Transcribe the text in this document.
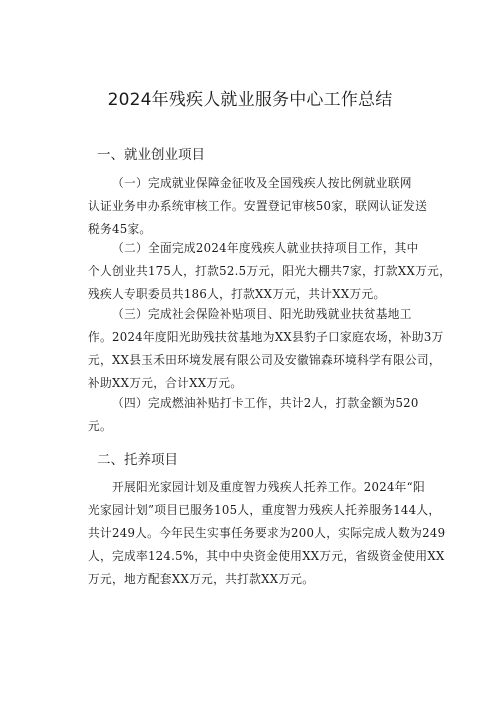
2024年残疾人就业服务中心工作总结
一、就业创业项目
（一）完成就业保障金征收及全国残疾人按比例就业联网
认证业务申办系统审核工作。安置登记审核50家，联网认证发送
税务45家。
（二）全面完成2024年度残疾人就业扶持项目工作，其中
个人创业共175人，打款52.5万元，阳光大棚共7家，打款XX万元，
残疾人专职委员共186人，打款XX万元，共计XX万元。
（三）完成社会保险补贴项目、阳光助残就业扶贫基地工
作。2024年度阳光助残扶贫基地为XX县豹子口家庭农场，补助3万
元，XX县玉禾田环境发展有限公司及安徽锦森环境科学有限公司，
补助XX万元，合计XX万元。
（四）完成燃油补贴打卡工作，共计2人，打款金额为520
元。
二、托养项目
开展阳光家园计划及重度智力残疾人托养工作。2024年“阳
光家园计划”项目已服务105人，重度智力残疾人托养服务144人，
共计249人。今年民生实事任务要求为200人，实际完成人数为249
人，完成率124.5%，其中中央资金使用XX万元，省级资金使用XX
万元，地方配套XX万元，共打款XX万元。
